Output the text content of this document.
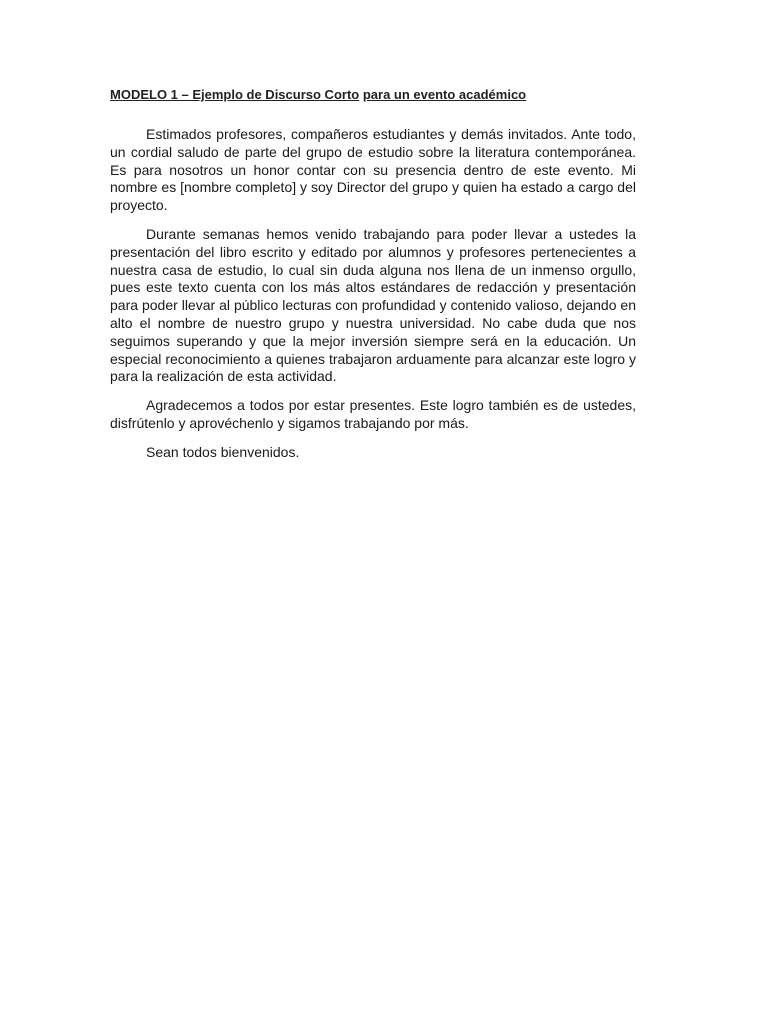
MODELO 1 – Ejemplo de Discurso Corto para un evento académico

Estimados profesores, compañeros estudiantes y demás invitados. Ante todo, un cordial saludo de parte del grupo de estudio sobre la literatura contemporánea. Es para nosotros un honor contar con su presencia dentro de este evento. Mi nombre es [nombre completo] y soy Director del grupo y quien ha estado a cargo del proyecto.

Durante semanas hemos venido trabajando para poder llevar a ustedes la presentación del libro escrito y editado por alumnos y profesores pertenecientes a nuestra casa de estudio, lo cual sin duda alguna nos llena de un inmenso orgullo, pues este texto cuenta con los más altos estándares de redacción y presentación para poder llevar al público lecturas con profundidad y contenido valioso, dejando en alto el nombre de nuestro grupo y nuestra universidad. No cabe duda que nos seguimos superando y que la mejor inversión siempre será en la educación. Un especial reconocimiento a quienes trabajaron arduamente para alcanzar este logro y para la realización de esta actividad.

Agradecemos a todos por estar presentes. Este logro también es de ustedes, disfrútenlo y aprovéchenlo y sigamos trabajando por más.

Sean todos bienvenidos.
